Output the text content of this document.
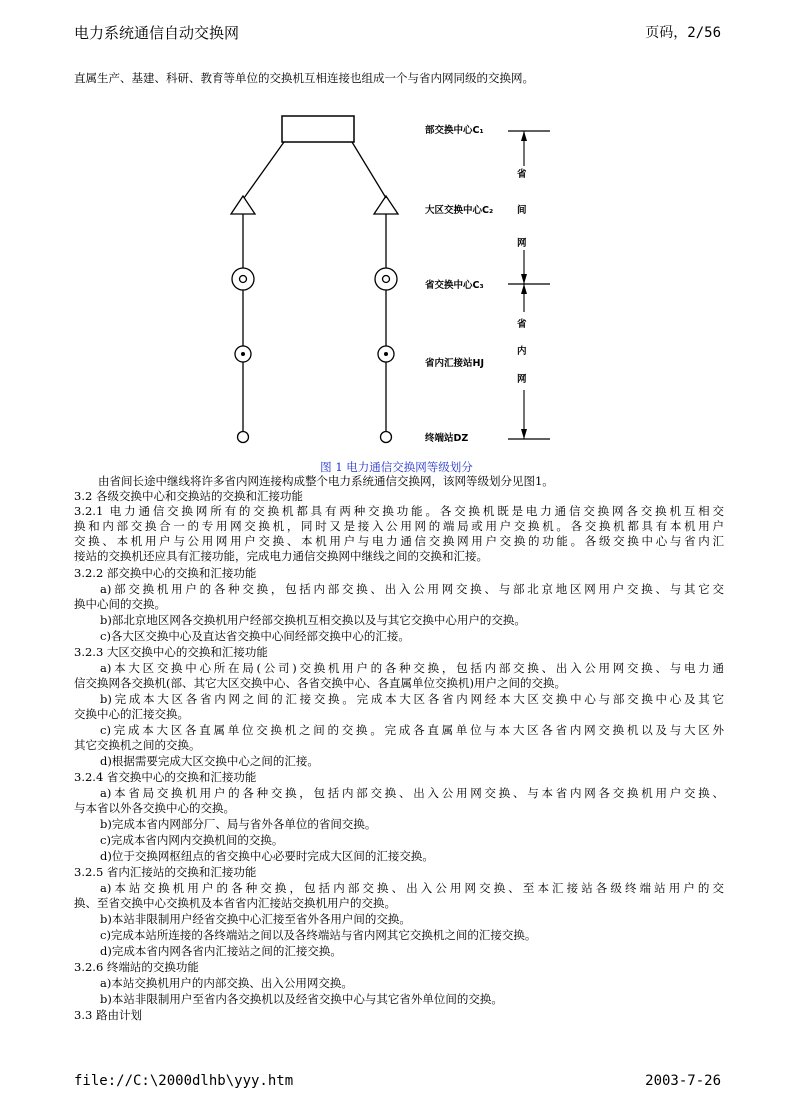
电力系统通信自动交换网	页码，2/56
直属生产、基建、科研、教育等单位的交换机互相连接也组成一个与省内网同级的交换网。
部交换中心C₁
大区交换中心C₂
省交换中心C₃
省内汇接站HJ
终端站DZ
省
间
网
省
内
网
图 1 电力通信交换网等级划分
由省间长途中继线将许多省内网连接构成整个电力系统通信交换网，该网等级划分见图1。
3.2 各级交换中心和交换站的交换和汇接功能
3.2.1 电力通信交换网所有的交换机都具有两种交换功能。各交换机既是电力通信交换网各交换机互相交
换和内部交换合一的专用网交换机，同时又是接入公用网的端局或用户交换机。各交换机都具有本机用户
交换、本机用户与公用网用户交换、本机用户与电力通信交换网用户交换的功能。各级交换中心与省内汇
接站的交换机还应具有汇接功能，完成电力通信交换网中继线之间的交换和汇接。
3.2.2 部交换中心的交换和汇接功能
a)部交换机用户的各种交换，包括内部交换、出入公用网交换、与部北京地区网用户交换、与其它交
换中心间的交换。
b)部北京地区网各交换机用户经部交换机互相交换以及与其它交换中心用户的交换。
c)各大区交换中心及直达省交换中心间经部交换中心的汇接。
3.2.3 大区交换中心的交换和汇接功能
a)本大区交换中心所在局(公司)交换机用户的各种交换，包括内部交换、出入公用网交换、与电力通
信交换网各交换机(部、其它大区交换中心、各省交换中心、各直属单位交换机)用户之间的交换。
b)完成本大区各省内网之间的汇接交换。完成本大区各省内网经本大区交换中心与部交换中心及其它
交换中心的汇接交换。
c)完成本大区各直属单位交换机之间的交换。完成各直属单位与本大区各省内网交换机以及与大区外
其它交换机之间的交换。
d)根据需要完成大区交换中心之间的汇接。
3.2.4 省交换中心的交换和汇接功能
a)本省局交换机用户的各种交换，包括内部交换、出入公用网交换、与本省内网各交换机用户交换、
与本省以外各交换中心的交换。
b)完成本省内网部分厂、局与省外各单位的省间交换。
c)完成本省内网内交换机间的交换。
d)位于交换网枢纽点的省交换中心必要时完成大区间的汇接交换。
3.2.5 省内汇接站的交换和汇接功能
a)本站交换机用户的各种交换，包括内部交换、出入公用网交换、至本汇接站各级终端站用户的交
换、至省交换中心交换机及本省省内汇接站交换机用户的交换。
b)本站非限制用户经省交换中心汇接至省外各用户间的交换。
c)完成本站所连接的各终端站之间以及各终端站与省内网其它交换机之间的汇接交换。
d)完成本省内网各省内汇接站之间的汇接交换。
3.2.6 终端站的交换功能
a)本站交换机用户的内部交换、出入公用网交换。
b)本站非限制用户至省内各交换机以及经省交换中心与其它省外单位间的交换。
3.3 路由计划
file://C:\2000dlhb\yyy.htm	2003-7-26
